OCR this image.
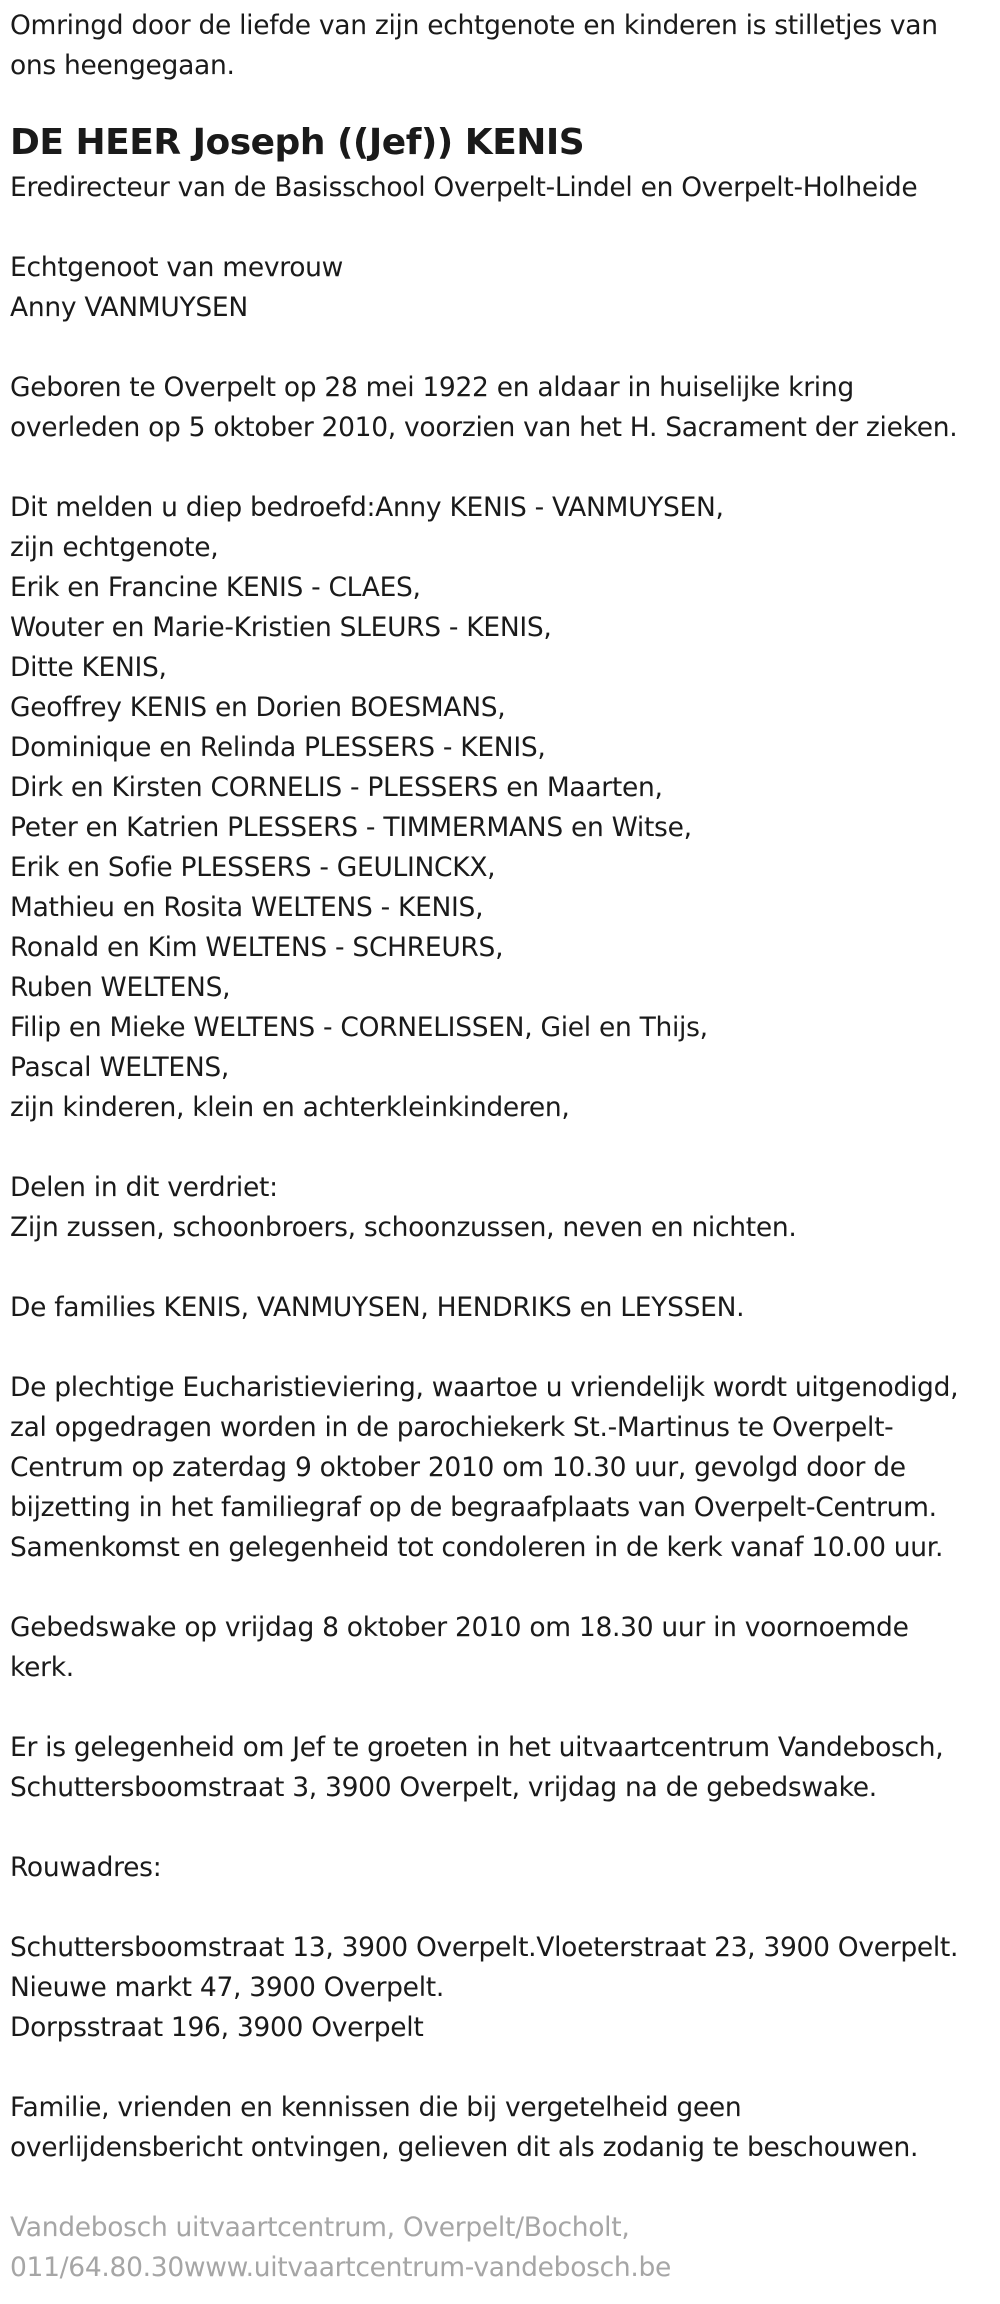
Omringd door de liefde van zijn echtgenote en kinderen is stilletjes van
ons heengegaan.
DE HEER Joseph ((Jef)) KENIS
Eredirecteur van de Basisschool Overpelt-Lindel en Overpelt-Holheide
Echtgenoot van mevrouw
Anny VANMUYSEN
Geboren te Overpelt op 28 mei 1922 en aldaar in huiselijke kring
overleden op 5 oktober 2010, voorzien van het H. Sacrament der zieken.
Dit melden u diep bedroefd:Anny KENIS - VANMUYSEN,
zijn echtgenote,
Erik en Francine KENIS - CLAES,
Wouter en Marie-Kristien SLEURS - KENIS,
Ditte KENIS,
Geoffrey KENIS en Dorien BOESMANS,
Dominique en Relinda PLESSERS - KENIS,
Dirk en Kirsten CORNELIS - PLESSERS en Maarten,
Peter en Katrien PLESSERS - TIMMERMANS en Witse,
Erik en Sofie PLESSERS - GEULINCKX,
Mathieu en Rosita WELTENS - KENIS,
Ronald en Kim WELTENS - SCHREURS,
Ruben WELTENS,
Filip en Mieke WELTENS - CORNELISSEN, Giel en Thijs,
Pascal WELTENS,
zijn kinderen, klein en achterkleinkinderen,
Delen in dit verdriet:
Zijn zussen, schoonbroers, schoonzussen, neven en nichten.
De families KENIS, VANMUYSEN, HENDRIKS en LEYSSEN.
De plechtige Eucharistieviering, waartoe u vriendelijk wordt uitgenodigd,
zal opgedragen worden in de parochiekerk St.-Martinus te Overpelt-
Centrum op zaterdag 9 oktober 2010 om 10.30 uur, gevolgd door de
bijzetting in het familiegraf op de begraafplaats van Overpelt-Centrum.
Samenkomst en gelegenheid tot condoleren in de kerk vanaf 10.00 uur.
Gebedswake op vrijdag 8 oktober 2010 om 18.30 uur in voornoemde
kerk.
Er is gelegenheid om Jef te groeten in het uitvaartcentrum Vandebosch,
Schuttersboomstraat 3, 3900 Overpelt, vrijdag na de gebedswake.
Rouwadres:
Schuttersboomstraat 13, 3900 Overpelt.Vloeterstraat 23, 3900 Overpelt.
Nieuwe markt 47, 3900 Overpelt.
Dorpsstraat 196, 3900 Overpelt
Familie, vrienden en kennissen die bij vergetelheid geen
overlijdensbericht ontvingen, gelieven dit als zodanig te beschouwen.
Vandebosch uitvaartcentrum, Overpelt/Bocholt,
011/64.80.30www.uitvaartcentrum-vandebosch.be
